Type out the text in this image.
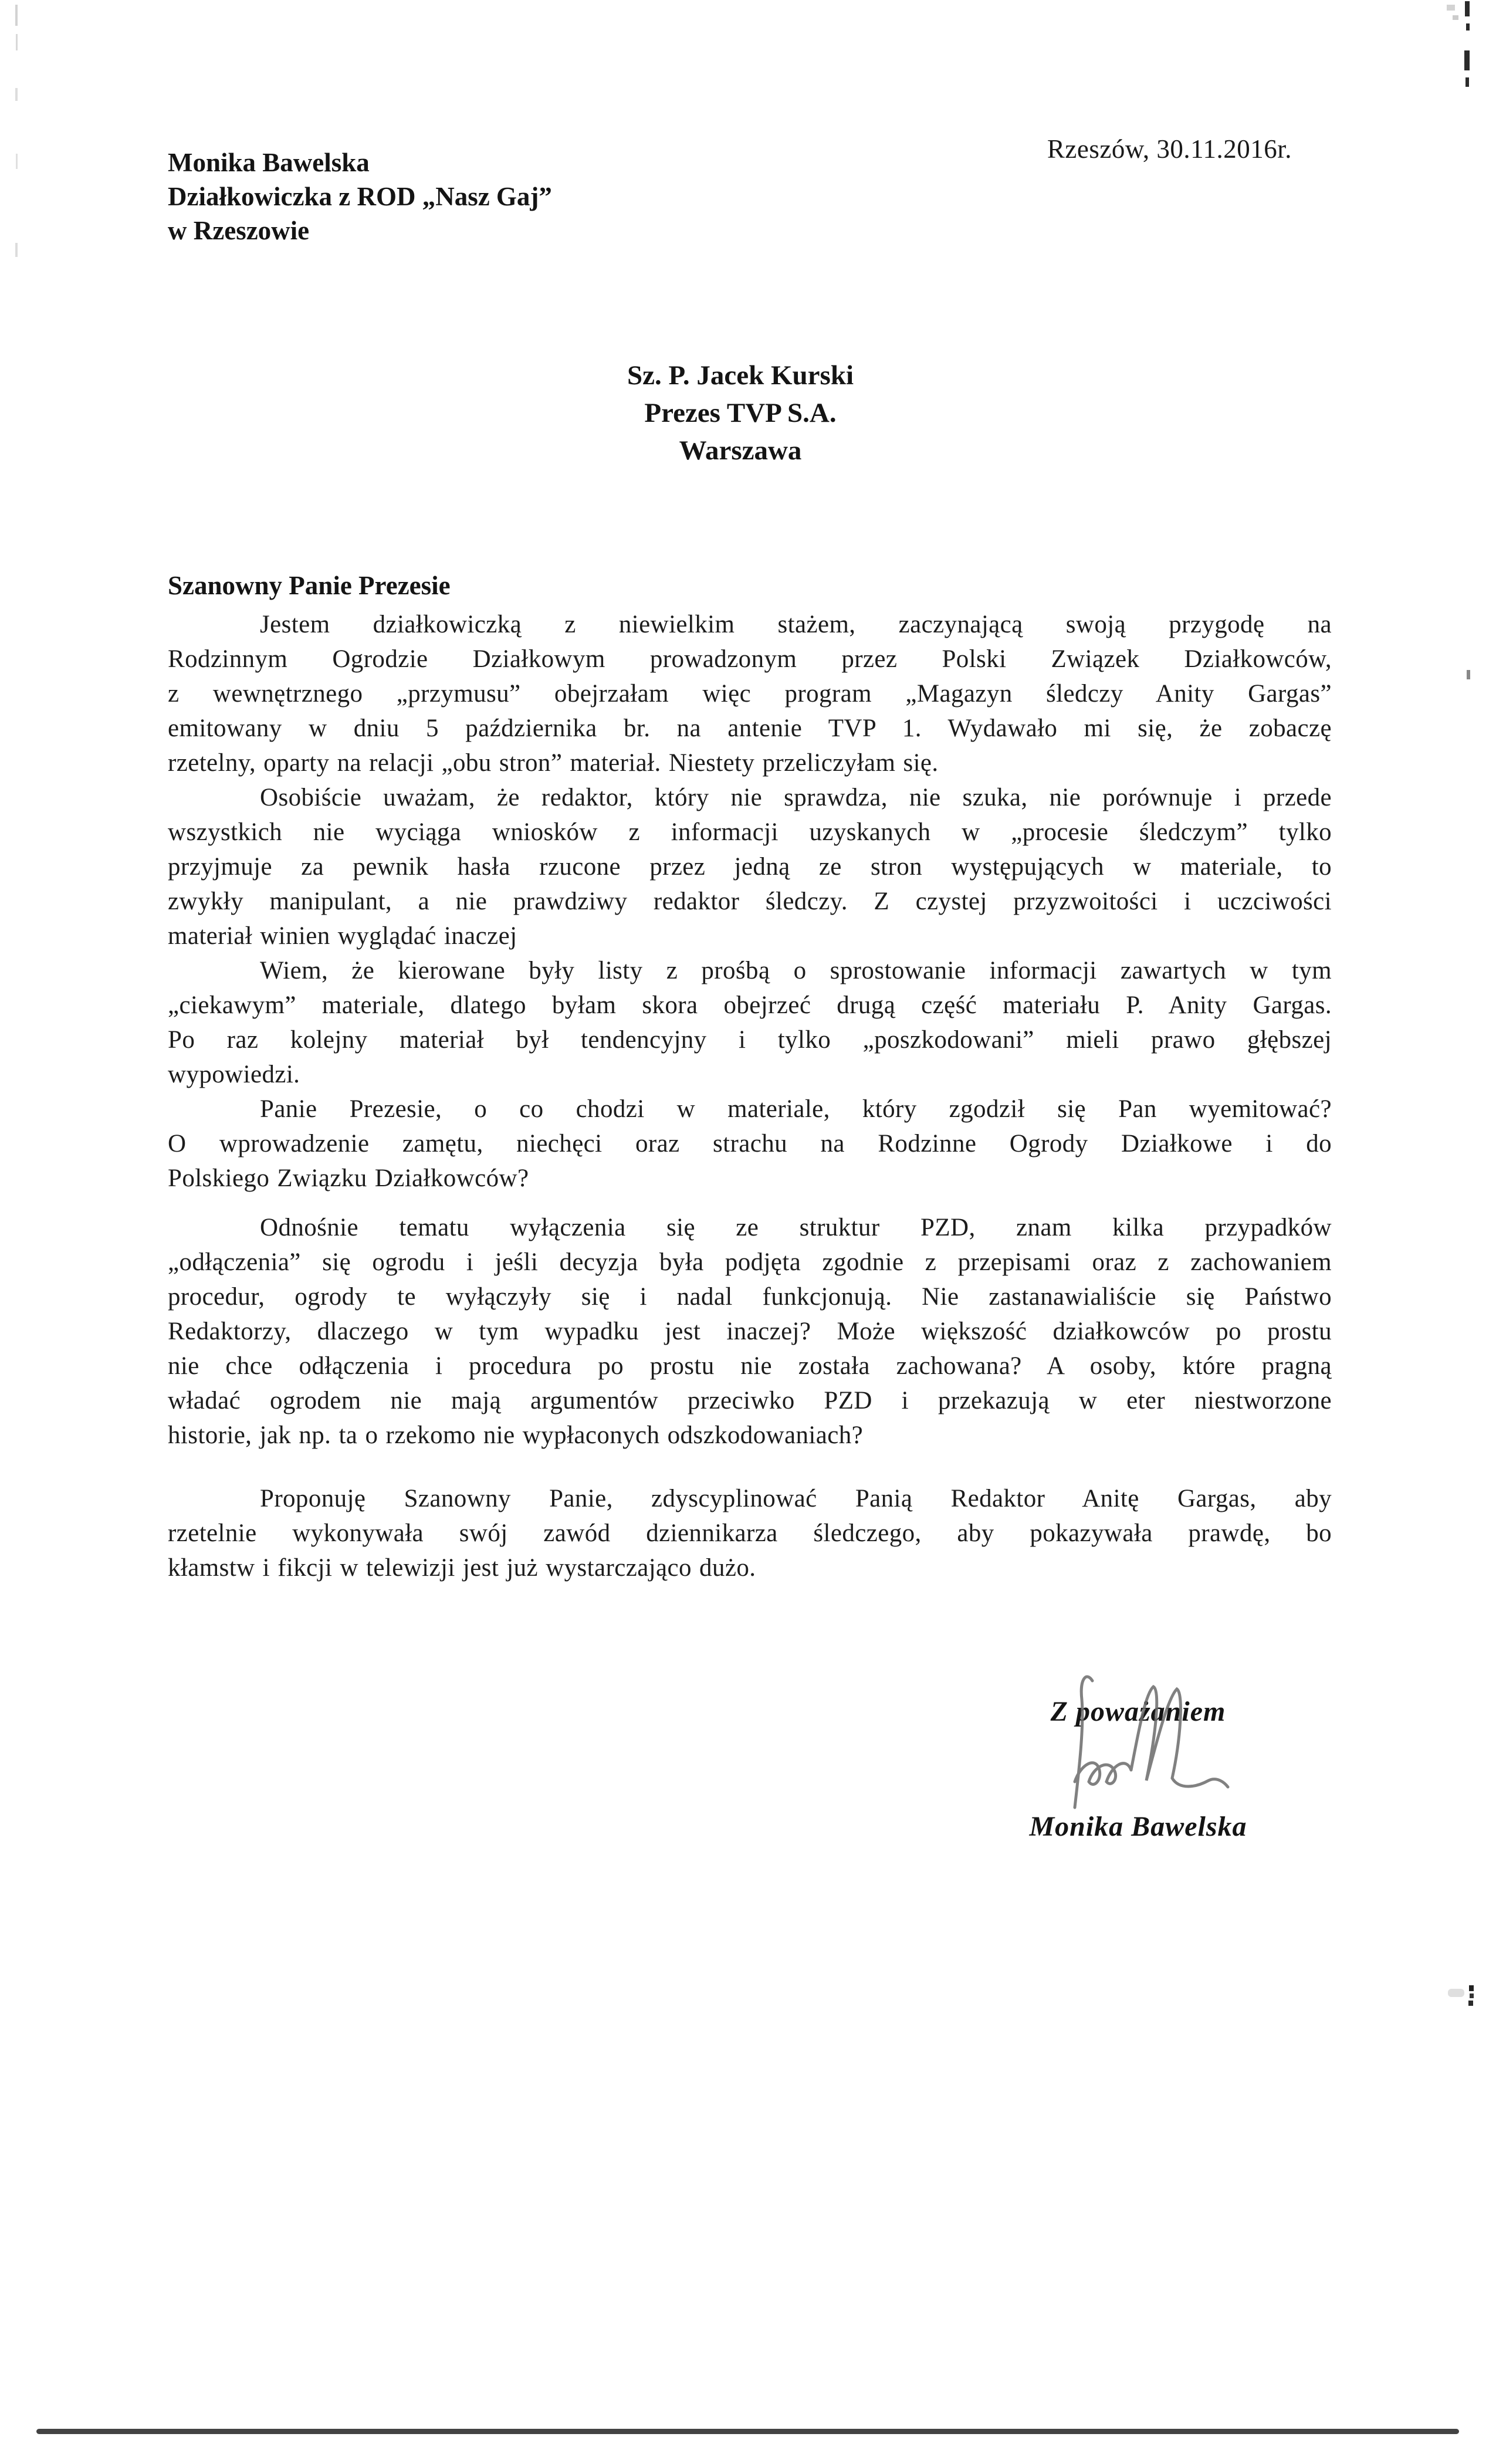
Rzeszów, 30.11.2016r.
Monika Bawelska
Działkowiczka z ROD „Nasz Gaj”
w Rzeszowie
Sz. P. Jacek Kurski
Prezes TVP S.A.
Warszawa
Szanowny Panie Prezesie
Jestem działkowiczką z niewielkim stażem, zaczynającą swoją przygodę na
Rodzinnym Ogrodzie Działkowym prowadzonym przez Polski Związek Działkowców,
z wewnętrznego „przymusu” obejrzałam więc program „Magazyn śledczy Anity Gargas”
emitowany w dniu 5 października br. na antenie TVP 1. Wydawało mi się, że zobaczę
rzetelny, oparty na relacji „obu stron” materiał. Niestety przeliczyłam się.
Osobiście uważam, że redaktor, który nie sprawdza, nie szuka, nie porównuje i przede
wszystkich nie wyciąga wniosków z informacji uzyskanych w „procesie śledczym” tylko
przyjmuje za pewnik hasła rzucone przez jedną ze stron występujących w materiale, to
zwykły manipulant, a nie prawdziwy redaktor śledczy. Z czystej przyzwoitości i uczciwości
materiał winien wyglądać inaczej
Wiem, że kierowane były listy z prośbą o sprostowanie informacji zawartych w tym
„ciekawym” materiale, dlatego byłam skora obejrzeć drugą część materiału P. Anity Gargas.
Po raz kolejny materiał był tendencyjny i tylko „poszkodowani” mieli prawo głębszej
wypowiedzi.
Panie Prezesie, o co chodzi w materiale, który zgodził się Pan wyemitować?
O wprowadzenie zamętu, niechęci oraz strachu na Rodzinne Ogrody Działkowe i do
Polskiego Związku Działkowców?
Odnośnie tematu wyłączenia się ze struktur PZD, znam kilka przypadków
„odłączenia” się ogrodu i jeśli decyzja była podjęta zgodnie z przepisami oraz z zachowaniem
procedur, ogrody te wyłączyły się i nadal funkcjonują. Nie zastanawialiście się Państwo
Redaktorzy, dlaczego w tym wypadku jest inaczej? Może większość działkowców po prostu
nie chce odłączenia i procedura po prostu nie została zachowana? A osoby, które pragną
władać ogrodem nie mają argumentów przeciwko PZD i przekazują w eter niestworzone
historie, jak np. ta o rzekomo nie wypłaconych odszkodowaniach?
Proponuję Szanowny Panie, zdyscyplinować Panią Redaktor Anitę Gargas, aby
rzetelnie wykonywała swój zawód dziennikarza śledczego, aby pokazywała prawdę, bo
kłamstw i fikcji w telewizji jest już wystarczająco dużo.
Z poważaniem
Monika Bawelska
